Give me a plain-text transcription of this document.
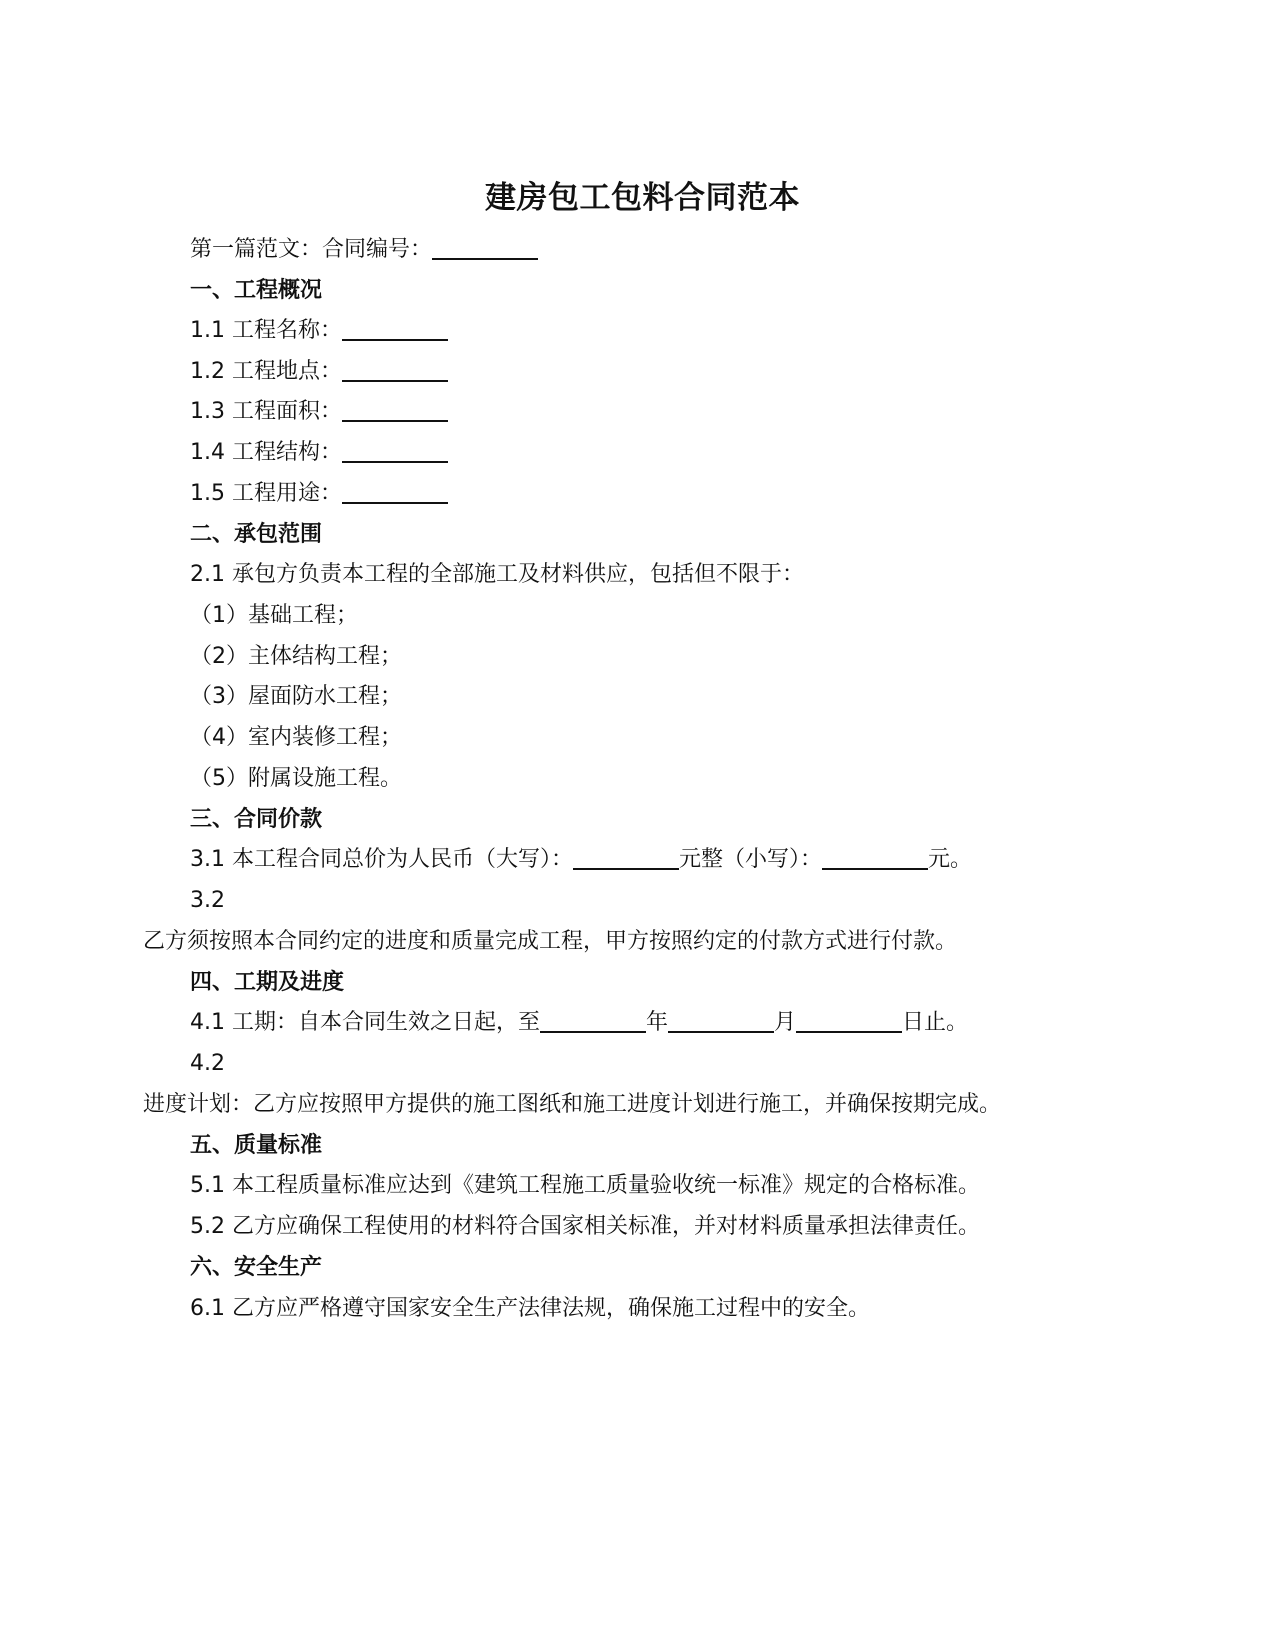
建房包工包料合同范本
第一篇范文：合同编号：
一、工程概况
1.1 工程名称：
1.2 工程地点：
1.3 工程面积：
1.4 工程结构：
1.5 工程用途：
二、承包范围
2.1 承包方负责本工程的全部施工及材料供应，包括但不限于：
（1）基础工程；
（2）主体结构工程；
（3）屋面防水工程；
（4）室内装修工程；
（5）附属设施工程。
三、合同价款
3.1 本工程合同总价为人民币（大写）：	元整（小写）：	元。
3.2
乙方须按照本合同约定的进度和质量完成工程，甲方按照约定的付款方式进行付款。
四、工期及进度
4.1 工期：自本合同生效之日起，至	年	月	日止。
4.2
进度计划：乙方应按照甲方提供的施工图纸和施工进度计划进行施工，并确保按期完成。
五、质量标准
5.1 本工程质量标准应达到《建筑工程施工质量验收统一标准》规定的合格标准。
5.2 乙方应确保工程使用的材料符合国家相关标准，并对材料质量承担法律责任。
六、安全生产
6.1 乙方应严格遵守国家安全生产法律法规，确保施工过程中的安全。
